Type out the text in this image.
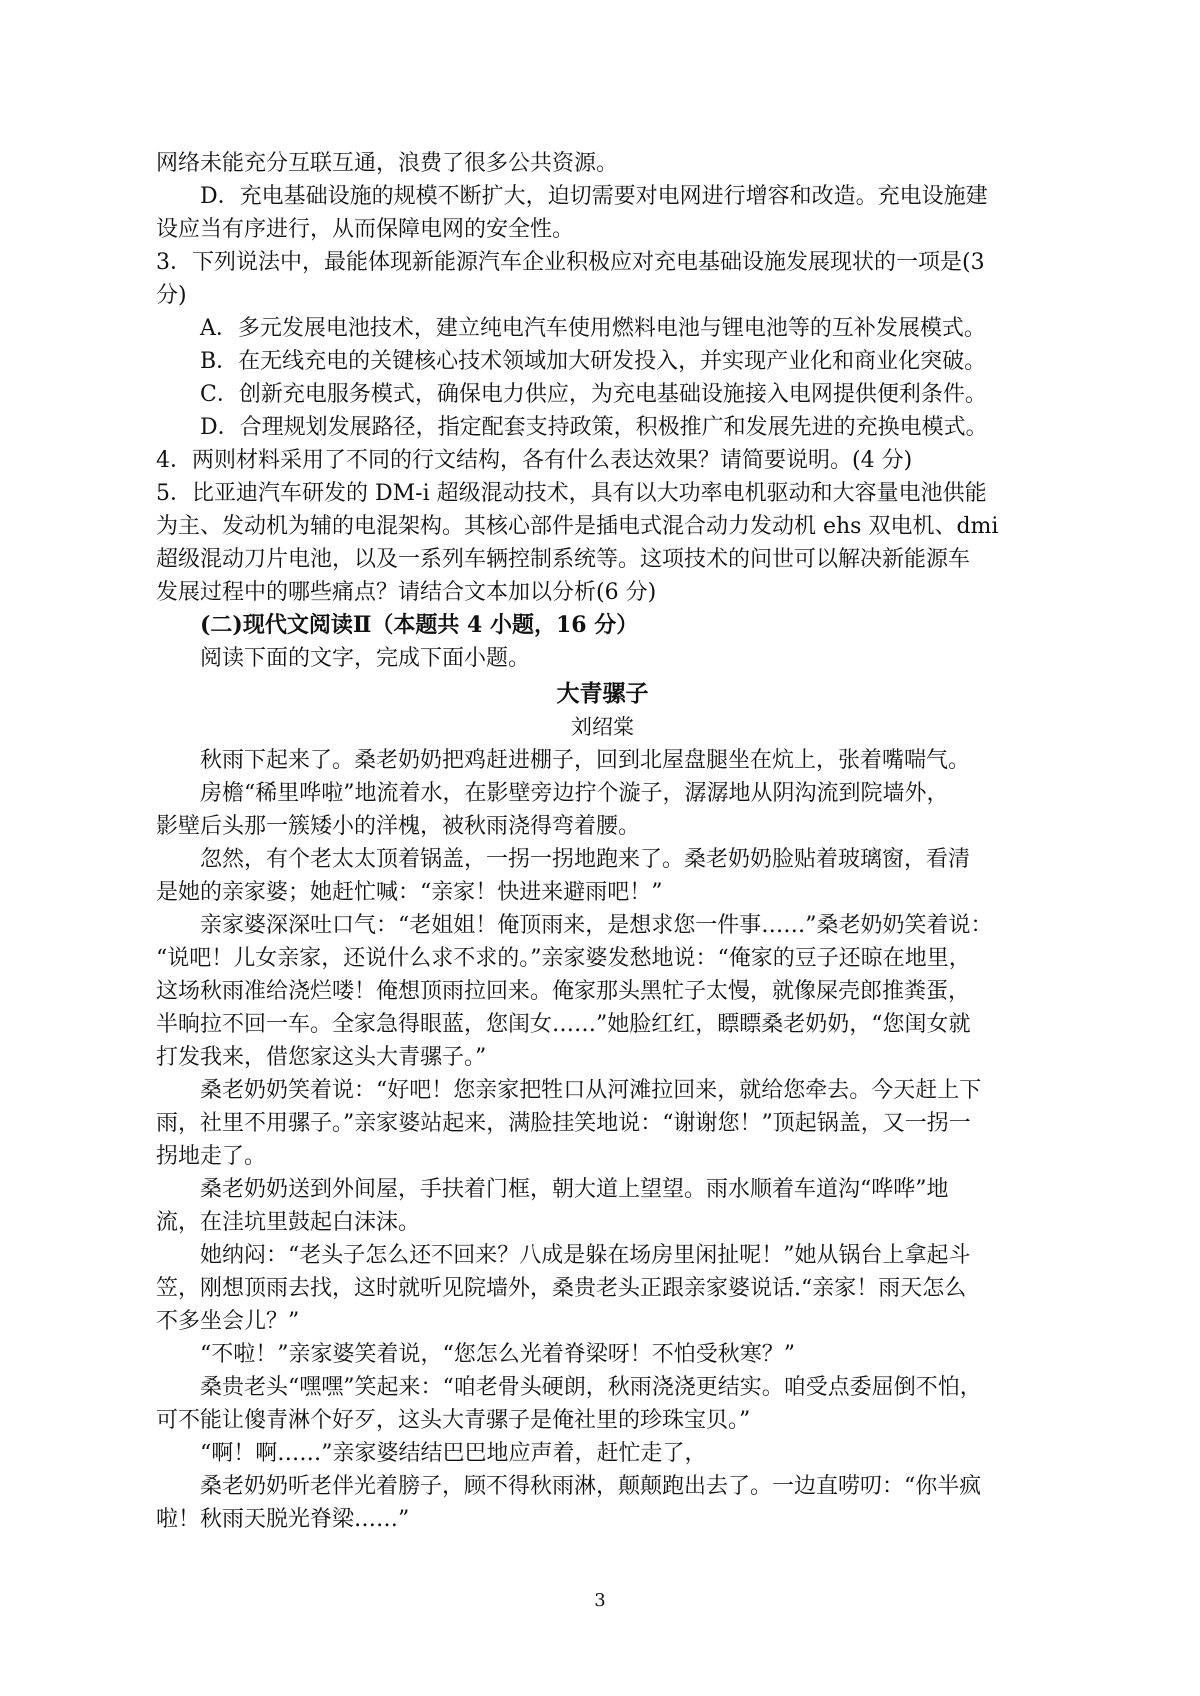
网络未能充分互联互通，浪费了很多公共资源。
D．充电基础设施的规模不断扩大，迫切需要对电网进行增容和改造。充电设施建
设应当有序进行，从而保障电网的安全性。
3．下列说法中，最能体现新能源汽车企业积极应对充电基础设施发展现状的一项是(3
分)
A．多元发展电池技术，建立纯电汽车使用燃料电池与锂电池等的互补发展模式。
B．在无线充电的关键核心技术领域加大研发投入，并实现产业化和商业化突破。
C．创新充电服务模式，确保电力供应，为充电基础设施接入电网提供便利条件。
D．合理规划发展路径，指定配套支持政策，积极推广和发展先进的充换电模式。
4．两则材料采用了不同的行文结构，各有什么表达效果？请简要说明。(4 分)
5．比亚迪汽车研发的 DM-i 超级混动技术，具有以大功率电机驱动和大容量电池供能
为主、发动机为辅的电混架构。其核心部件是插电式混合动力发动机 ehs 双电机、dmi
超级混动刀片电池，以及一系列车辆控制系统等。这项技术的问世可以解决新能源车
发展过程中的哪些痛点？请结合文本加以分析(6 分)
(二)现代文阅读Ⅱ（本题共 4 小题，16 分）
阅读下面的文字，完成下面小题。
大青骡子
刘绍棠
秋雨下起来了。桑老奶奶把鸡赶进棚子，回到北屋盘腿坐在炕上，张着嘴喘气。
房檐“稀里哗啦”地流着水，在影壁旁边拧个漩子，潺潺地从阴沟流到院墙外，
影壁后头那一簇矮小的洋槐，被秋雨浇得弯着腰。
忽然，有个老太太顶着锅盖，一拐一拐地跑来了。桑老奶奶脸贴着玻璃窗，看清
是她的亲家婆；她赶忙喊：“亲家！快进来避雨吧！”
亲家婆深深吐口气：“老姐姐！俺顶雨来，是想求您一件事……”桑老奶奶笑着说：
“说吧！儿女亲家，还说什么求不求的。”亲家婆发愁地说：“俺家的豆子还晾在地里，
这场秋雨准给浇烂喽！俺想顶雨拉回来。俺家那头黑牤子太慢，就像屎壳郎推粪蛋，
半晌拉不回一车。全家急得眼蓝，您闺女……”她脸红红，瞟瞟桑老奶奶，“您闺女就
打发我来，借您家这头大青骡子。”
桑老奶奶笑着说：“好吧！您亲家把牲口从河滩拉回来，就给您牵去。今天赶上下
雨，社里不用骡子。”亲家婆站起来，满脸挂笑地说：“谢谢您！”顶起锅盖，又一拐一
拐地走了。
桑老奶奶送到外间屋，手扶着门框，朝大道上望望。雨水顺着车道沟“哗哗”地
流，在洼坑里鼓起白沫沫。
她纳闷：“老头子怎么还不回来？八成是躲在场房里闲扯呢！”她从锅台上拿起斗
笠，刚想顶雨去找，这时就听见院墙外，桑贵老头正跟亲家婆说话.“亲家！雨天怎么
不多坐会儿？”
“不啦！”亲家婆笑着说，“您怎么光着脊梁呀！不怕受秋寒？”
桑贵老头“嘿嘿”笑起来：“咱老骨头硬朗，秋雨浇浇更结实。咱受点委屈倒不怕，
可不能让傻青淋个好歹，这头大青骡子是俺社里的珍珠宝贝。”
“啊！啊……”亲家婆结结巴巴地应声着，赶忙走了，
桑老奶奶听老伴光着膀子，顾不得秋雨淋，颠颠跑出去了。一边直唠叨：“你半疯
啦！秋雨天脱光脊梁……”
3
